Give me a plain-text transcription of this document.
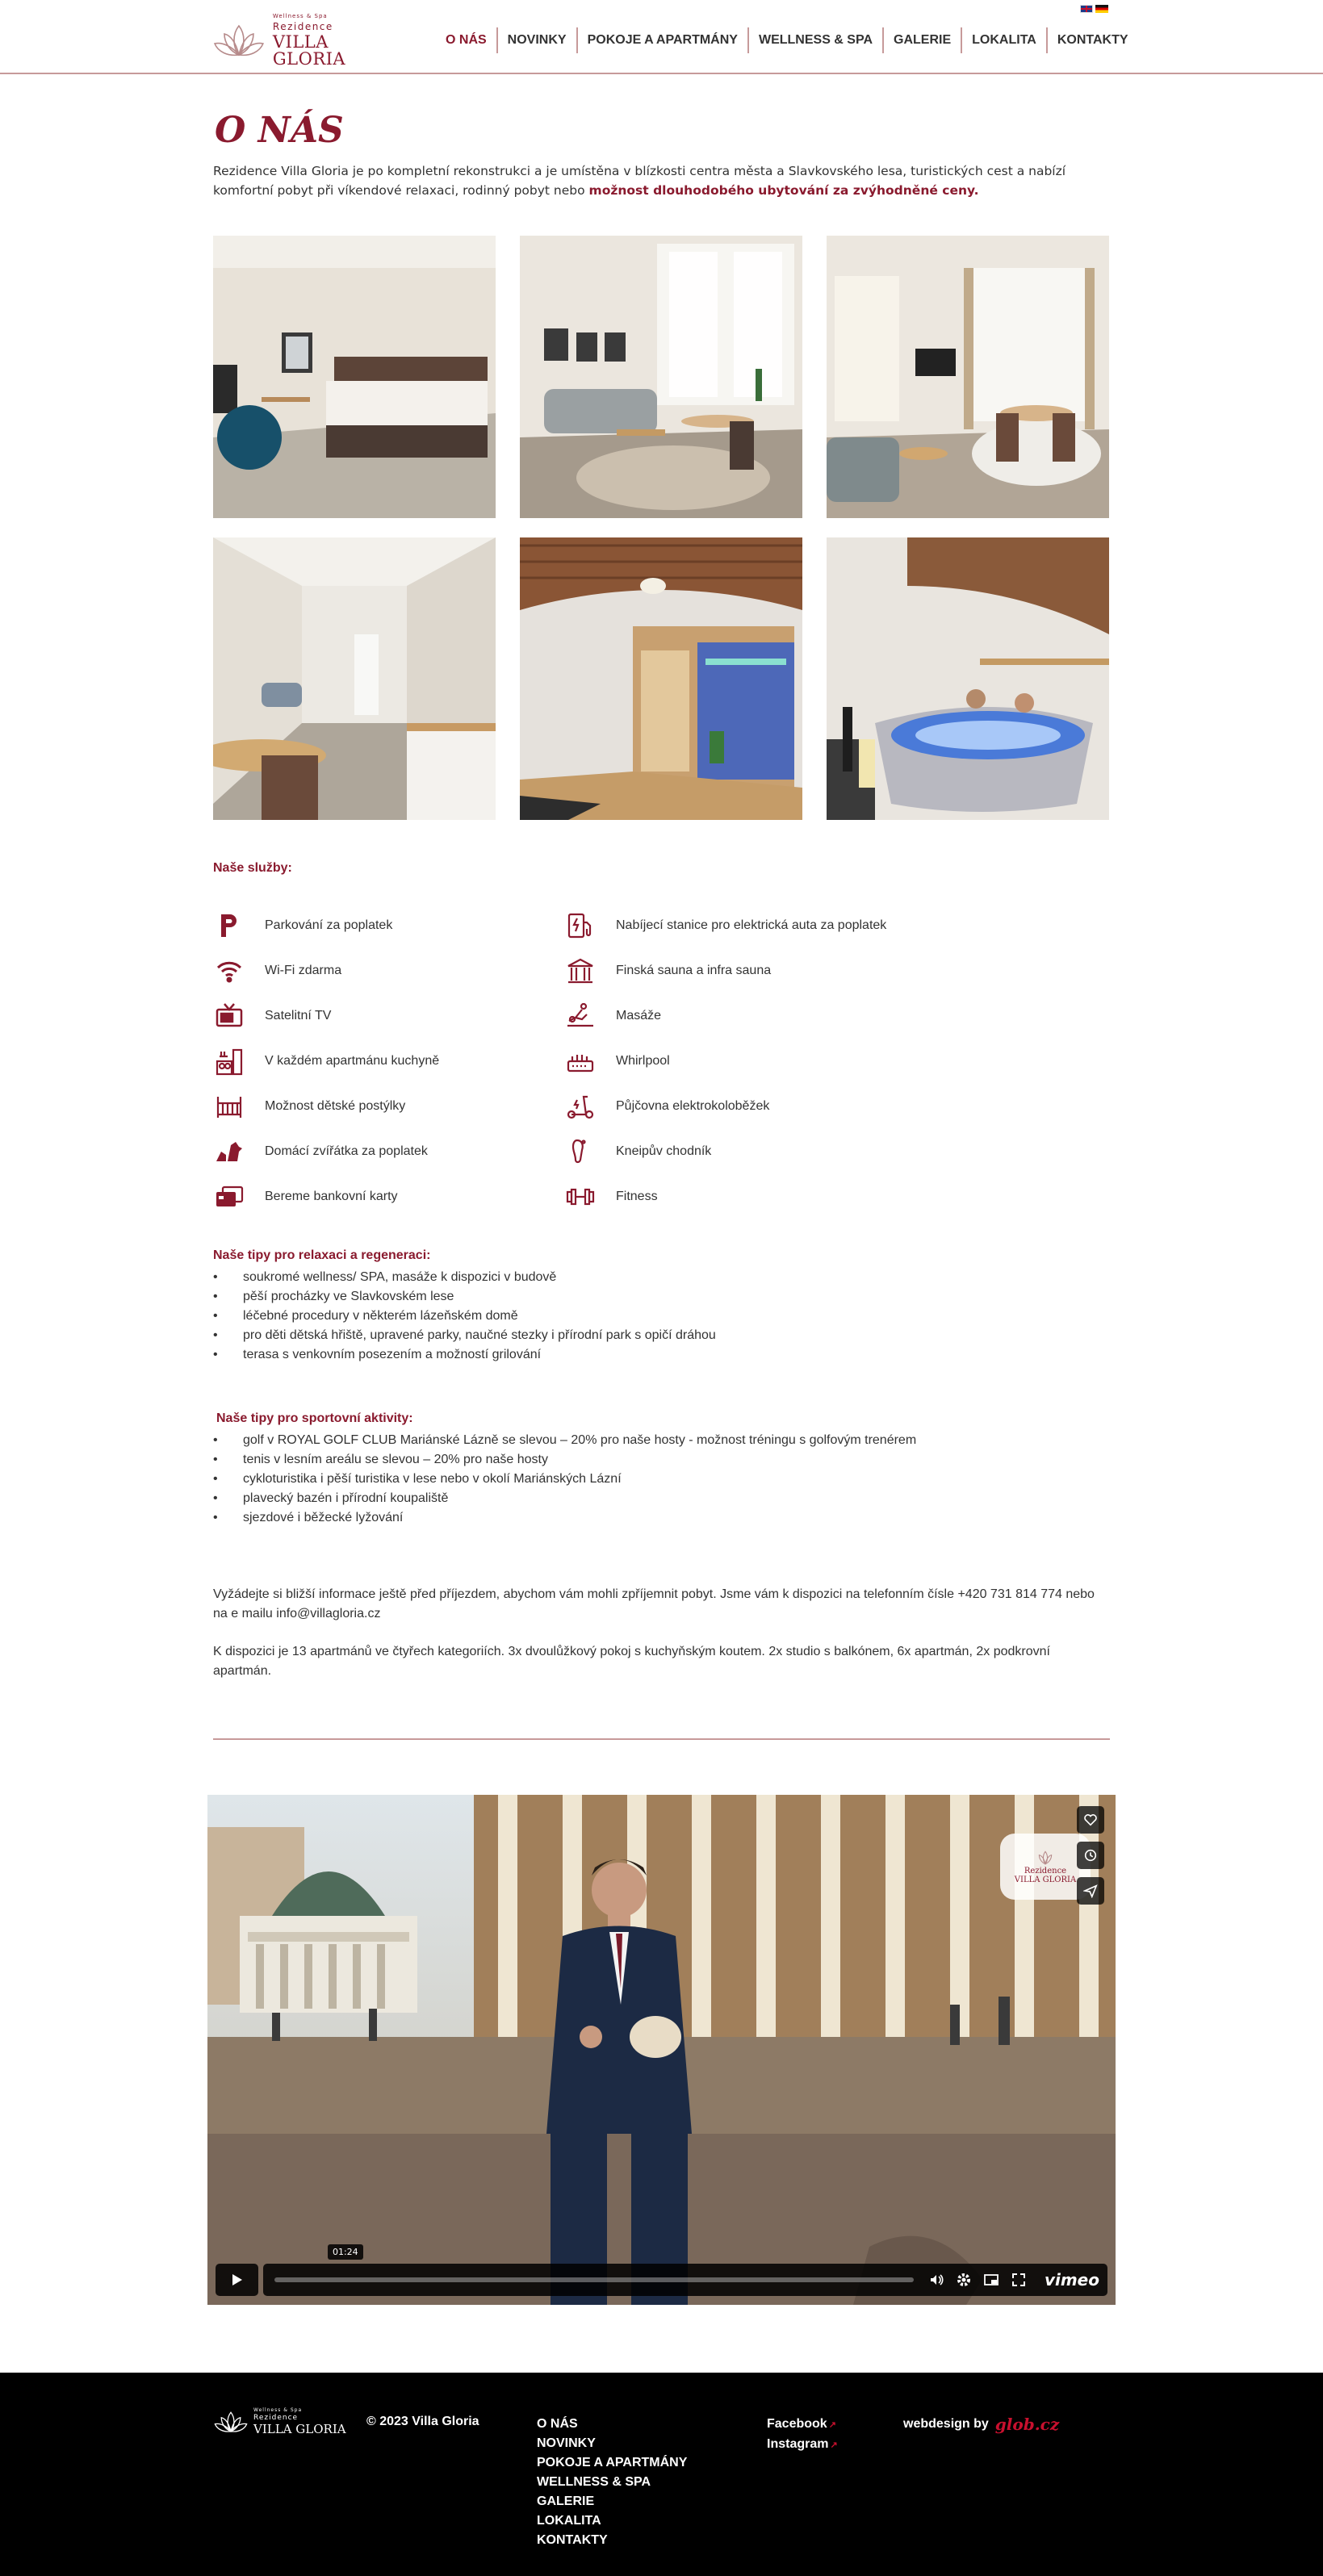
Wellness & Spa
Rezidence
VILLA GLORIA
O NÁS	NOVINKY	POKOJE A APARTMÁNY	WELLNESS & SPA	GALERIE	LOKALITA	KONTAKTY
O NÁS

Rezidence Villa Gloria je po kompletní rekonstrukci a je umístěna v blízkosti centra města a Slavkovského lesa, turistických cest a nabízí komfortní pobyt při víkendové relaxaci, rodinný pobyt nebo možnost dlouhodobého ubytování za zvýhodněné ceny.

Naše služby:
Parkování za poplatek
Wi-Fi zdarma
Satelitní TV
V každém apartmánu kuchyně
Možnost dětské postýlky
Domácí zvířátka za poplatek
Bereme bankovní karty
Nabíjecí stanice pro elektrická auta za poplatek
Finská sauna a infra sauna
Masáže
Whirlpool
Půjčovna elektrokoloběžek
Kneipův chodník
Fitness
Naše tipy pro relaxaci a regeneraci:
• soukromé wellness/ SPA, masáže k dispozici v budově
• pěší procházky ve Slavkovském lese
• léčebné procedury v některém lázeňském domě
• pro děti dětská hřiště, upravené parky, naučné stezky i přírodní park s opičí dráhou
• terasa s venkovním posezením a možností grilování
Naše tipy pro sportovní aktivity:
• golf v ROYAL GOLF CLUB Mariánské Lázně se slevou – 20% pro naše hosty - možnost tréningu s golfovým trenérem
• tenis v lesním areálu se slevou – 20% pro naše hosty
• cykloturistika i pěší turistika v lese nebo v okolí Mariánských Lázní
• plavecký bazén i přírodní koupaliště
• sjezdové i běžecké lyžování

Vyžádejte si bližší informace ještě před příjezdem, abychom vám mohli zpříjemnit pobyt. Jsme vám k dispozici na telefonním čísle +420 731 814 774 nebo na e mailu info@villagloria.cz

K dispozici je 13 apartmánů ve čtyřech kategoriích. 3x dvoulůžkový pokoj s kuchyňským koutem. 2x studio s balkónem, 6x apartmán, 2x podkrovní apartmán.

Rezidence
VILLA GLORIA
01:24
vimeo
Wellness & Spa
Rezidence
VILLA GLORIA
© 2023 Villa Gloria	O NÁS
NOVINKY
POKOJE A APARTMÁNY
WELLNESS & SPA
GALERIE
LOKALITA
KONTAKTY
Facebook ↗
Instagram ↗
webdesign by glob.cz
